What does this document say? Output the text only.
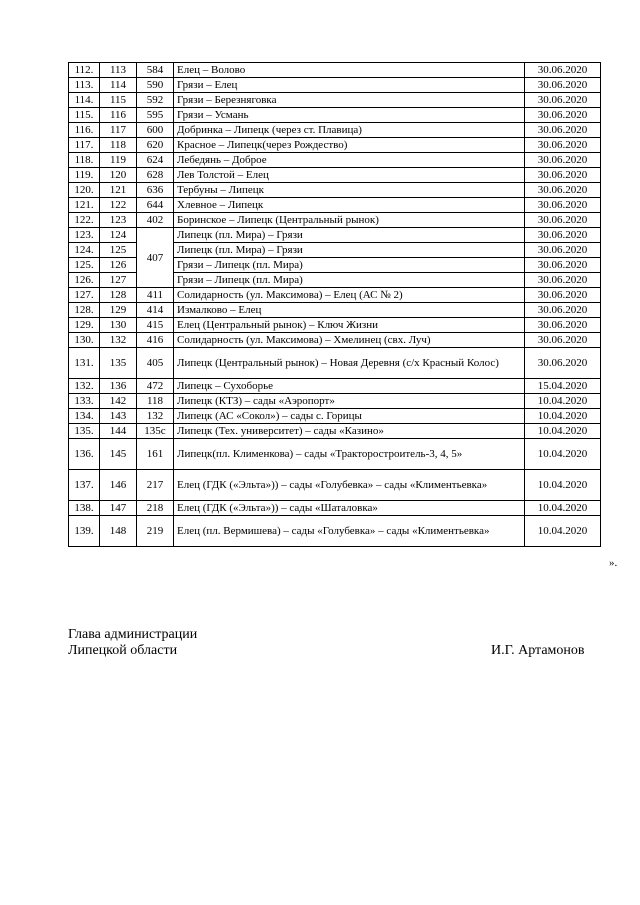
112.	113	584	Елец – Волово	30.06.2020
113.	114	590	Грязи – Елец	30.06.2020
114.	115	592	Грязи – Березняговка	30.06.2020
115.	116	595	Грязи – Усмань	30.06.2020
116.	117	600	Добринка – Липецк (через ст. Плавица)	30.06.2020
117.	118	620	Красное – Липецк(через Рождество)	30.06.2020
118.	119	624	Лебедянь – Доброе	30.06.2020
119.	120	628	Лев Толстой – Елец	30.06.2020
120.	121	636	Тербуны – Липецк	30.06.2020
121.	122	644	Хлевное – Липецк	30.06.2020
122.	123	402	Боринское – Липецк (Центральный рынок)	30.06.2020
123.	124	407	Липецк (пл. Мира) – Грязи	30.06.2020
124.	125		Липецк (пл. Мира) – Грязи	30.06.2020
125.	126		Грязи – Липецк (пл. Мира)	30.06.2020
126.	127		Грязи – Липецк (пл. Мира)	30.06.2020
127.	128	411	Солидарность (ул. Максимова) – Елец (АС № 2)	30.06.2020
128.	129	414	Измалково – Елец	30.06.2020
129.	130	415	Елец (Центральный рынок) – Ключ Жизни	30.06.2020
130.	132	416	Солидарность (ул. Максимова) – Хмелинец (свх. Луч)	30.06.2020
131.	135	405	Липецк (Центральный рынок) – Новая Деревня (с/х Красный Колос)	30.06.2020
132.	136	472	Липецк – Сухоборье	15.04.2020
133.	142	118	Липецк (КТЗ) – сады «Аэропорт»	10.04.2020
134.	143	132	Липецк (АС «Сокол») – сады с. Горицы	10.04.2020
135.	144	135с	Липецк (Тех. университет) – сады «Казино»	10.04.2020
136.	145	161	Липецк(пл. Клименкова) – сады «Тракторостроитель-3, 4, 5»	10.04.2020
137.	146	217	Елец (ГДК («Эльта»)) – сады «Голубевка» – сады «Климентьевка»	10.04.2020
138.	147	218	Елец (ГДК («Эльта»)) – сады «Шаталовка»	10.04.2020
139.	148	219	Елец (пл. Вермишева) – сады «Голубевка» – сады «Климентьевка»	10.04.2020
».
Глава администрации
Липецкой области	И.Г. Артамонов
